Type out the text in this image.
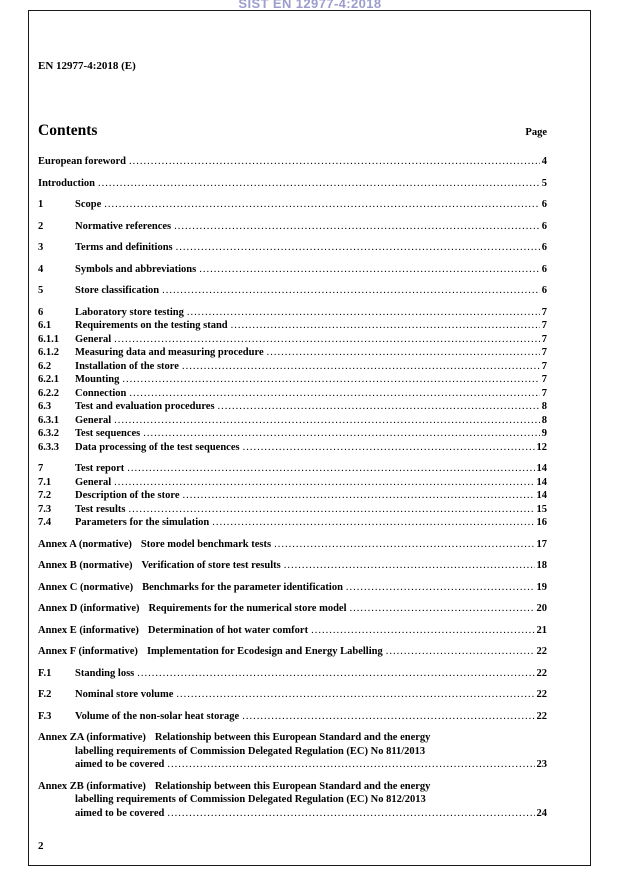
SIST EN 12977-4:2018
EN 12977-4:2018 (E)
Contents	Page
European foreword .....	4
Introduction .....	5
1	Scope .....	6
2	Normative references .....	6
3	Terms and definitions .....	6
4	Symbols and abbreviations .....	6
5	Store classification .....	6
6	Laboratory store testing .....	7
6.1	Requirements on the testing stand .....	7
6.1.1	General .....	7
6.1.2	Measuring data and measuring procedure .....	7
6.2	Installation of the store .....	7
6.2.1	Mounting .....	7
6.2.2	Connection .....	7
6.3	Test and evaluation procedures .....	8
6.3.1	General .....	8
6.3.2	Test sequences .....	9
6.3.3	Data processing of the test sequences .....	12
7	Test report .....	14
7.1	General .....	14
7.2	Description of the store .....	14
7.3	Test results .....	15
7.4	Parameters for the simulation .....	16
Annex A (normative) Store model benchmark tests .....	17
Annex B (normative) Verification of store test results .....	18
Annex C (normative) Benchmarks for the parameter identification .....	19
Annex D (informative) Requirements for the numerical store model .....	20
Annex E (informative) Determination of hot water comfort .....	21
Annex F (informative) Implementation for Ecodesign and Energy Labelling .....	22
F.1	Standing loss .....	22
F.2	Nominal store volume .....	22
F.3	Volume of the non-solar heat storage .....	22
Annex ZA (informative) Relationship between this European Standard and the energy
labelling requirements of Commission Delegated Regulation (EC) No 811/2013
aimed to be covered .....	23
Annex ZB (informative) Relationship between this European Standard and the energy
labelling requirements of Commission Delegated Regulation (EC) No 812/2013
aimed to be covered .....	24
2
